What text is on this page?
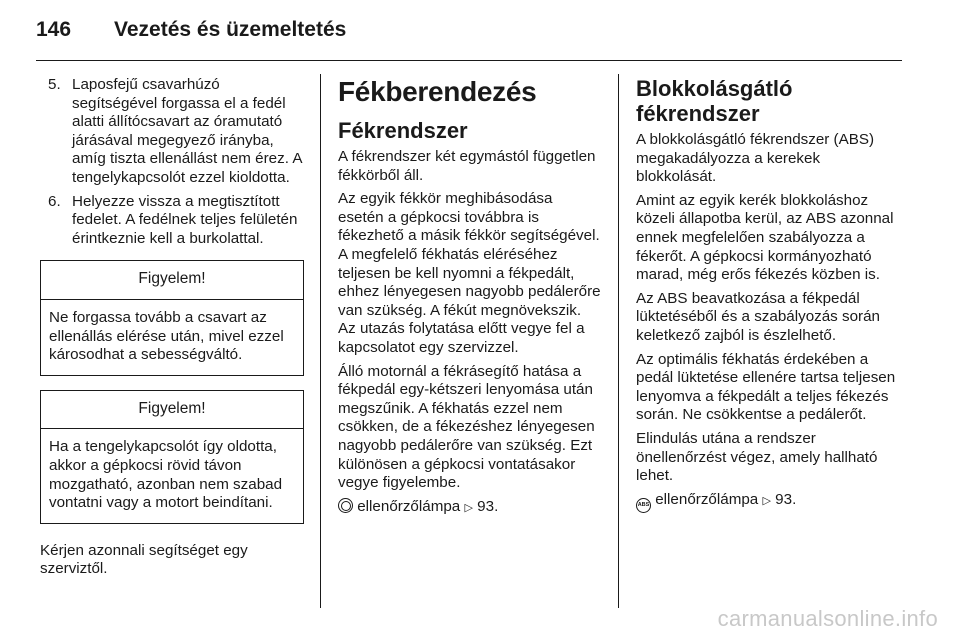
146	Vezetés és üzemeltetés
5. Laposfejű csavarhúzó segítségével forgassa el a fedél alatti állítócsavart az óramutató járásával megegyező irányba, amíg tiszta ellenállást nem érez. A tengelykapcsolót ezzel kioldotta.
6. Helyezze vissza a megtisztított fedelet. A fedélnek teljes felületén érintkeznie kell a burkolattal.
Figyelem!
Ne forgassa tovább a csavart az ellenállás elérése után, mivel ezzel károsodhat a sebességváltó.
Figyelem!
Ha a tengelykapcsolót így oldotta, akkor a gépkocsi rövid távon mozgatható, azonban nem szabad vontatni vagy a motort beindítani.

Kérjen azonnali segítséget egy szerviztől.

Fékberendezés
Fékrendszer

A fékrendszer két egymástól független fékkörből áll.

Az egyik fékkör meghibásodása esetén a gépkocsi továbbra is fékezhető a másik fékkör segítségével. A megfelelő fékhatás eléréséhez teljesen be kell nyomni a fékpedált, ehhez lényegesen nagyobb pedálerőre van szükség. A fékút megnövekszik. Az utazás folytatása előtt vegye fel a kapcsolatot egy szervizzel.

Álló motornál a fékrásegítő hatása a fékpedál egy-kétszeri lenyomása után megszűnik. A fékhatás ezzel nem csökken, de a fékezéshez lényegesen nagyobb pedálerőre van szükség. Ezt különösen a gépkocsi vontatásakor vegye figyelembe.

ellenőrzőlámpa ▷ 93.

Blokkolásgátló
fékrendszer

A blokkolásgátló fékrendszer (ABS) megakadályozza a kerekek blokkolását.

Amint az egyik kerék blokkoláshoz közeli állapotba kerül, az ABS azonnal ennek megfelelően szabályozza a fékerőt. A gépkocsi kormányozható marad, még erős fékezés közben is.

Az ABS beavatkozása a fékpedál lüktetéséből és a szabályozás során keletkező zajból is észlelhető.

Az optimális fékhatás érdekében a pedál lüktetése ellenére tartsa teljesen lenyomva a fékpedált a teljes fékezés során. Ne csökkentse a pedálerőt.

Elindulás utána a rendszer önellenőrzést végez, amely hallható lehet.

ABS ellenőrzőlámpa ▷ 93.

carmanualsonline.info
